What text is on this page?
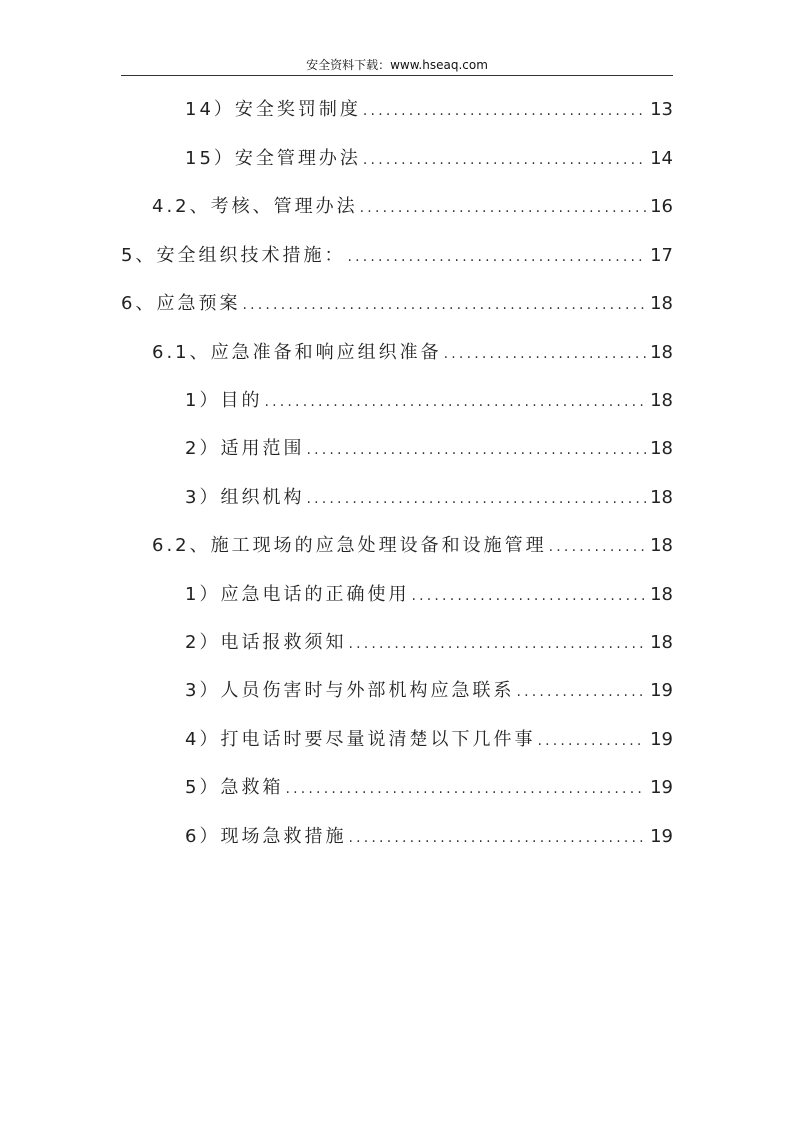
安全资料下载：www.hseaq.com
14）安全奖罚制度 .....	13
15）安全管理办法 .....	14
4.2、考核、管理办法 .....	16
5、安全组织技术措施： .....	17
6、应急预案 .....	18
6.1、应急准备和响应组织准备 .....	18
1）目的 .....	18
2）适用范围 .....	18
3）组织机构 .....	18
6.2、施工现场的应急处理设备和设施管理 .....	18
1）应急电话的正确使用 .....	18
2）电话报救须知 .....	18
3）人员伤害时与外部机构应急联系 .....	19
4）打电话时要尽量说清楚以下几件事 .....	19
5）急救箱 .....	19
6）现场急救措施 .....	19
